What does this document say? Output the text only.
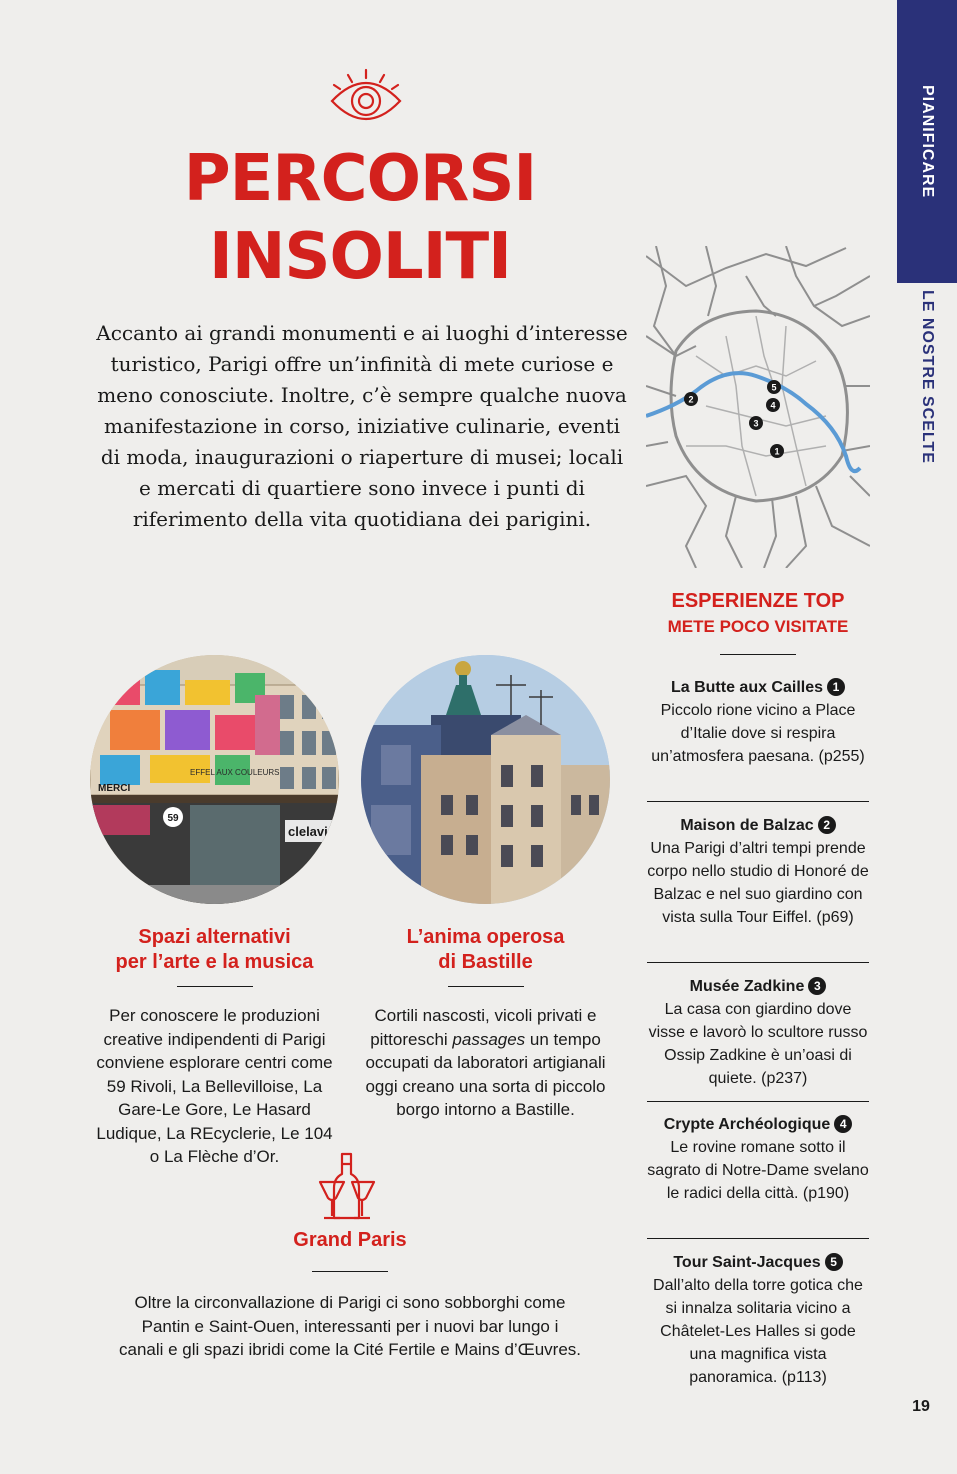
PIANIFICARE
LE NOSTRE SCELTE
PERCORSI
INSOLITI
Accanto ai grandi monumenti e ai luoghi d’interesse turistico, Parigi offre un’infinità di mete curiose e meno conosciute. Inoltre, c’è sempre qualche nuova manifestazione in corso, iniziative culinarie, eventi di moda, inaugurazioni o riaperture di musei; locali e mercati di quartiere sono invece i punti di riferimento della vita quotidiana dei parigini.
5
2
4
3
1
ESPERIENZE TOP
METE POCO VISITATE
La Butte aux Cailles 1
Piccolo rione vicino a Place d’Italie dove si respira un’atmosfera paesana. (p255)
Maison de Balzac 2
Una Parigi d’altri tempi prende corpo nello studio di Honoré de Balzac e nel suo giardino con vista sulla Tour Eiffel. (p69)
Musée Zadkine 3
La casa con giardino dove visse e lavorò lo scultore russo Ossip Zadkine è un’oasi di quiete. (p237)
Crypte Archéologique 4
Le rovine romane sotto il sagrato di Notre-Dame svelano le radici della città. (p190)
Tour Saint-Jacques 5
Dall’alto della torre gotica che si innalza solitaria vicino a Châtelet-Les Halles si gode una magnifica vista panoramica. (p113)
MERCI
EFFEL AUX COULEURS
59
clelavi
Spazi alternativi
per l’arte e la musica
Per conoscere le produzioni creative indipendenti di Parigi conviene esplorare centri come 59 Rivoli, La Bellevilloise, La Gare-Le Gore, Le Hasard Ludique, La REcyclerie, Le 104 o La Flèche d’Or.
L’anima operosa
di Bastille
Cortili nascosti, vicoli privati e pittoreschi passages un tempo occupati da laboratori artigianali oggi creano una sorta di piccolo borgo intorno a Bastille.
Grand Paris
Oltre la circonvallazione di Parigi ci sono sobborghi come Pantin e Saint-Ouen, interessanti per i nuovi bar lungo i canali e gli spazi ibridi come la Cité Fertile e Mains d’Œuvres.
19
